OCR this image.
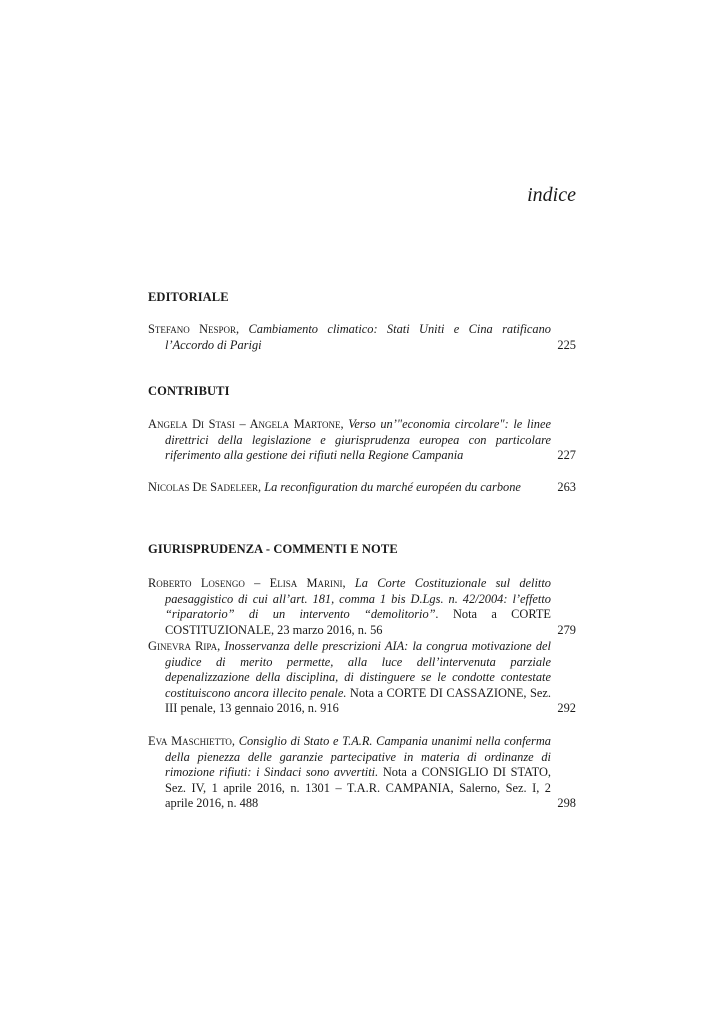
indice
EDITORIALE
Stefano Nespor, Cambiamento climatico: Stati Uniti e Cina ratificano l’Accordo di Parigi	225
CONTRIBUTI
Angela Di Stasi – Angela Martone, Verso un’"economia circolare": le linee direttrici della legislazione e giurisprudenza europea con particolare riferimento alla gestione dei rifiuti nella Regione Campania	227
Nicolas De Sadeleer, La reconfiguration du marché européen du carbone	263
GIURISPRUDENZA - COMMENTI E NOTE
Roberto Losengo – Elisa Marini, La Corte Costituzionale sul delitto paesaggistico di cui all’art. 181, comma 1 bis D.Lgs. n. 42/2004: l’effetto “riparatorio” di un intervento “demolitorio”. Nota a CORTE COSTITUZIONALE, 23 marzo 2016, n. 56	279
Ginevra Ripa, Inosservanza delle prescrizioni AIA: la congrua motivazione del giudice di merito permette, alla luce dell’intervenuta parziale depenalizzazione della disciplina, di distinguere se le condotte contestate costituiscono ancora illecito penale. Nota a CORTE DI CASSAZIONE, Sez. III penale, 13 gennaio 2016, n. 916	292
Eva Maschietto, Consiglio di Stato e T.A.R. Campania unanimi nella conferma della pienezza delle garanzie partecipative in materia di ordinanze di rimozione rifiuti: i Sindaci sono avvertiti. Nota a CONSIGLIO DI STATO, Sez. IV, 1 aprile 2016, n. 1301 – T.A.R. CAMPANIA, Salerno, Sez. I, 2 aprile 2016, n. 488	298
